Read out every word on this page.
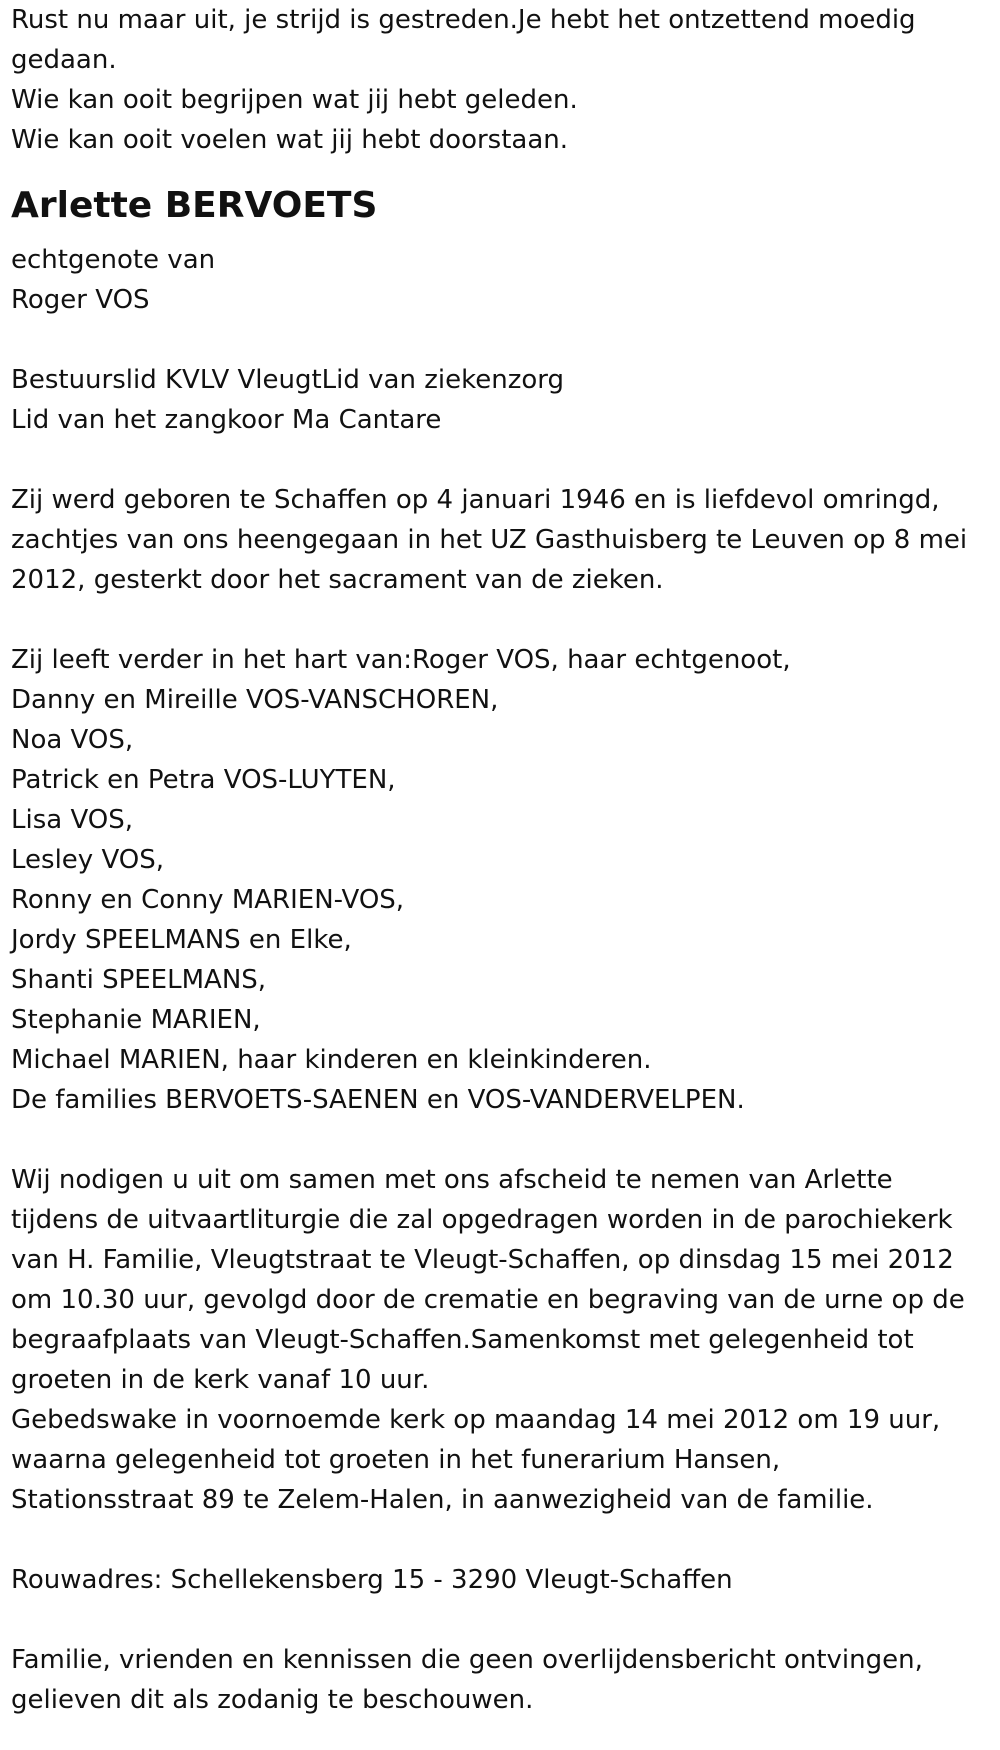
Rust nu maar uit, je strijd is gestreden.Je hebt het ontzettend moedig

gedaan.

Wie kan ooit begrijpen wat jij hebt geleden.

Wie kan ooit voelen wat jij hebt doorstaan.

Arlette BERVOETS

echtgenote van

Roger VOS

Bestuurslid KVLV VleugtLid van ziekenzorg

Lid van het zangkoor Ma Cantare

Zij werd geboren te Schaffen op 4 januari 1946 en is liefdevol omringd,

zachtjes van ons heengegaan in het UZ Gasthuisberg te Leuven op 8 mei

2012, gesterkt door het sacrament van de zieken.

Zij leeft verder in het hart van:Roger VOS, haar echtgenoot,

Danny en Mireille VOS-VANSCHOREN,

Noa VOS,

Patrick en Petra VOS-LUYTEN,

Lisa VOS,

Lesley VOS,

Ronny en Conny MARIEN-VOS,

Jordy SPEELMANS en Elke,

Shanti SPEELMANS,

Stephanie MARIEN,

Michael MARIEN, haar kinderen en kleinkinderen.

De families BERVOETS-SAENEN en VOS-VANDERVELPEN.

Wij nodigen u uit om samen met ons afscheid te nemen van Arlette

tijdens de uitvaartliturgie die zal opgedragen worden in de parochiekerk

van H. Familie, Vleugtstraat te Vleugt-Schaffen, op dinsdag 15 mei 2012

om 10.30 uur, gevolgd door de crematie en begraving van de urne op de

begraafplaats van Vleugt-Schaffen.Samenkomst met gelegenheid tot

groeten in de kerk vanaf 10 uur.

Gebedswake in voornoemde kerk op maandag 14 mei 2012 om 19 uur,

waarna gelegenheid tot groeten in het funerarium Hansen,

Stationsstraat 89 te Zelem-Halen, in aanwezigheid van de familie.

Rouwadres: Schellekensberg 15 - 3290 Vleugt-Schaffen

Familie, vrienden en kennissen die geen overlijdensbericht ontvingen,

gelieven dit als zodanig te beschouwen.
